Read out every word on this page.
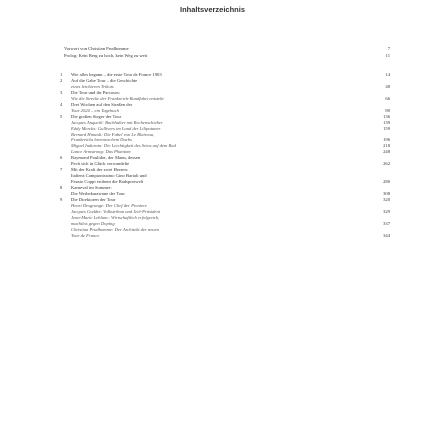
Inhaltsverzeichnis
Vorwort von Christian Prudhomme	7
Prolog: Kein Berg zu hoch, kein Weg zu weit	11
1	Wie alles begann – die erste Tour de France 1903	14
2	Auf die Gabe Tour – die Geschichte
eines leichteren Trikots	48
3	Die Tour und ihr Parcours:
Wie die Strecke der Frankreich-Rundfahrt entsteht	66
4	Drei Wochen auf den Straßen der
Tour 2024 – ein Tagebuch	80
5	Die großen Sieger der Tour	136
Jacques Anquetil: Buchhalter mit Rechenschieber	139
Eddy Merckx: Gullivers im Land der Liliputaner	159
Bernard Hinault: Die Fabel von Le Blaireau,
Frankreichs bretonischem Dachs	196
Miguel Indurain: Die Leichtigkeit des Seins auf dem Rad	218
Lance Armstrong: Das Phantom	248
6	Raymond Poulidor, der Mann, dessen
Pech sich in Glück verwandelte	262
7	Mit der Kraft der zwei Herzen:
Italiens Campionissimo Gino Bartali und
Fausto Coppi erobern die Radsportwelt	280
8	Karneval im Sommer:
Die Werbekarawane der Tour	308
9	Die Direktoren der Tour	320
Henri Desgrange: Der Chef der Pioniere
Jacques Goddet: Volkstribun und Jeté-Präsident	329
Jean-Marie Leblanc: Wirtschaftlich erfolgreich,
machtlos gegen Doping	337
Christian Prudhomme: Der Architekt der neuen
Tour de France	344
